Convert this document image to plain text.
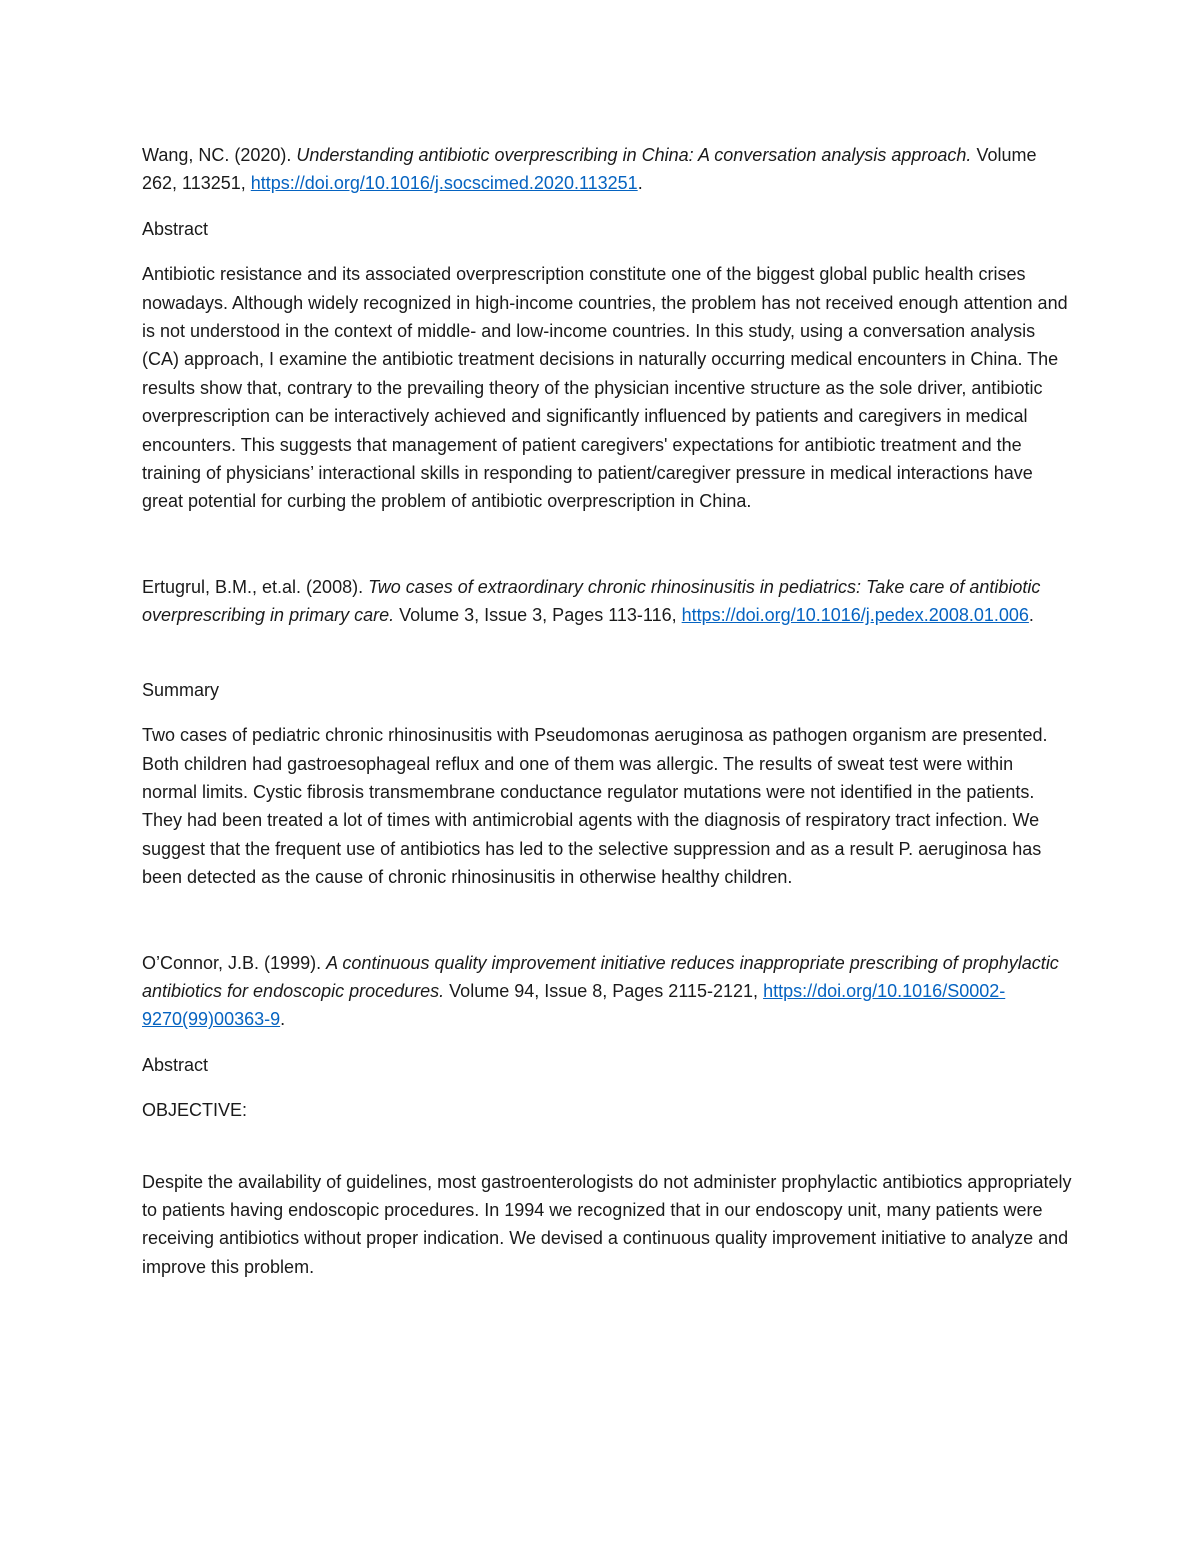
Wang, NC. (2020). Understanding antibiotic overprescribing in China: A conversation analysis approach. Volume 262, 113251, https://doi.org/10.1016/j.socscimed.2020.113251.

Abstract

Antibiotic resistance and its associated overprescription constitute one of the biggest global public health crises nowadays. Although widely recognized in high-income countries, the problem has not received enough attention and is not understood in the context of middle- and low-income countries. In this study, using a conversation analysis (CA) approach, I examine the antibiotic treatment decisions in naturally occurring medical encounters in China. The results show that, contrary to the prevailing theory of the physician incentive structure as the sole driver, antibiotic overprescription can be interactively achieved and significantly influenced by patients and caregivers in medical encounters. This suggests that management of patient caregivers' expectations for antibiotic treatment and the training of physicians’ interactional skills in responding to patient/caregiver pressure in medical interactions have great potential for curbing the problem of antibiotic overprescription in China.

Ertugrul, B.M., et.al. (2008). Two cases of extraordinary chronic rhinosinusitis in pediatrics: Take care of antibiotic overprescribing in primary care. Volume 3, Issue 3, Pages 113-116, https://doi.org/10.1016/j.pedex.2008.01.006.

Summary

Two cases of pediatric chronic rhinosinusitis with Pseudomonas aeruginosa as pathogen organism are presented. Both children had gastroesophageal reflux and one of them was allergic. The results of sweat test were within normal limits. Cystic fibrosis transmembrane conductance regulator mutations were not identified in the patients. They had been treated a lot of times with antimicrobial agents with the diagnosis of respiratory tract infection. We suggest that the frequent use of antibiotics has led to the selective suppression and as a result P. aeruginosa has been detected as the cause of chronic rhinosinusitis in otherwise healthy children.

O’Connor, J.B. (1999). A continuous quality improvement initiative reduces inappropriate prescribing of prophylactic antibiotics for endoscopic procedures. Volume 94, Issue 8, Pages 2115-2121, https://doi.org/10.1016/S0002-9270(99)00363-9.

Abstract

OBJECTIVE:

Despite the availability of guidelines, most gastroenterologists do not administer prophylactic antibiotics appropriately to patients having endoscopic procedures. In 1994 we recognized that in our endoscopy unit, many patients were receiving antibiotics without proper indication. We devised a continuous quality improvement initiative to analyze and improve this problem.
